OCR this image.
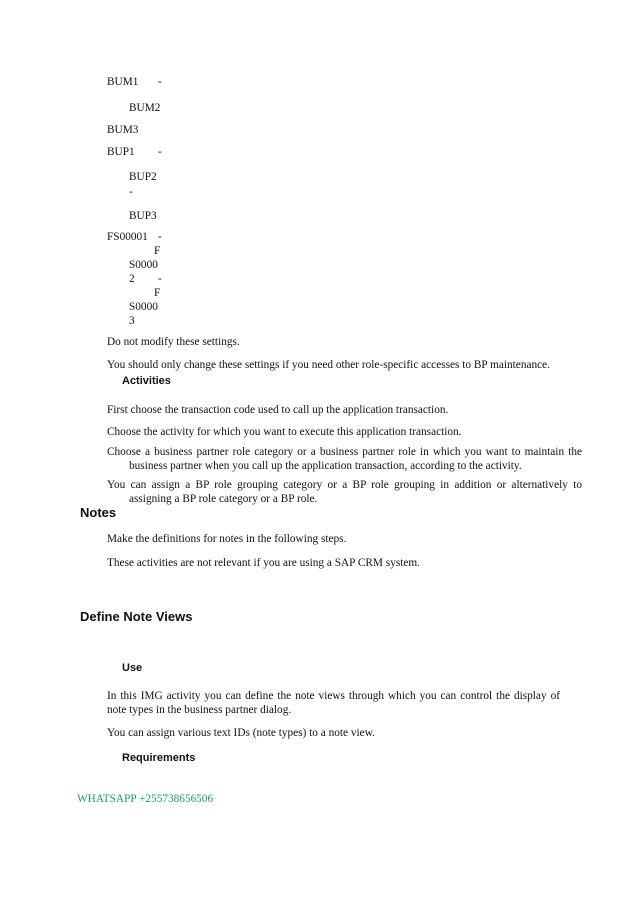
BUM1 -
BUM2
BUM3
BUP1 -
BUP2
-
BUP3
FS00001 -
F
S0000
2 -
F
S0000
3
Do not modify these settings.
You should only change these settings if you need other role-specific accesses to BP maintenance.
Activities
First choose the transaction code used to call up the application transaction.
Choose the activity for which you want to execute this application transaction.
Choose a business partner role category or a business partner role in which you want to maintain the business partner when you call up the application transaction, according to the activity.
You can assign a BP role grouping category or a BP role grouping in addition or alternatively to assigning a BP role category or a BP role.
Notes
Make the definitions for notes in the following steps.
These activities are not relevant if you are using a SAP CRM system.
Define Note Views
Use
In this IMG activity you can define the note views through which you can control the display of note types in the business partner dialog.
You can assign various text IDs (note types) to a note view.
Requirements
WHATSAPP +255738656506
